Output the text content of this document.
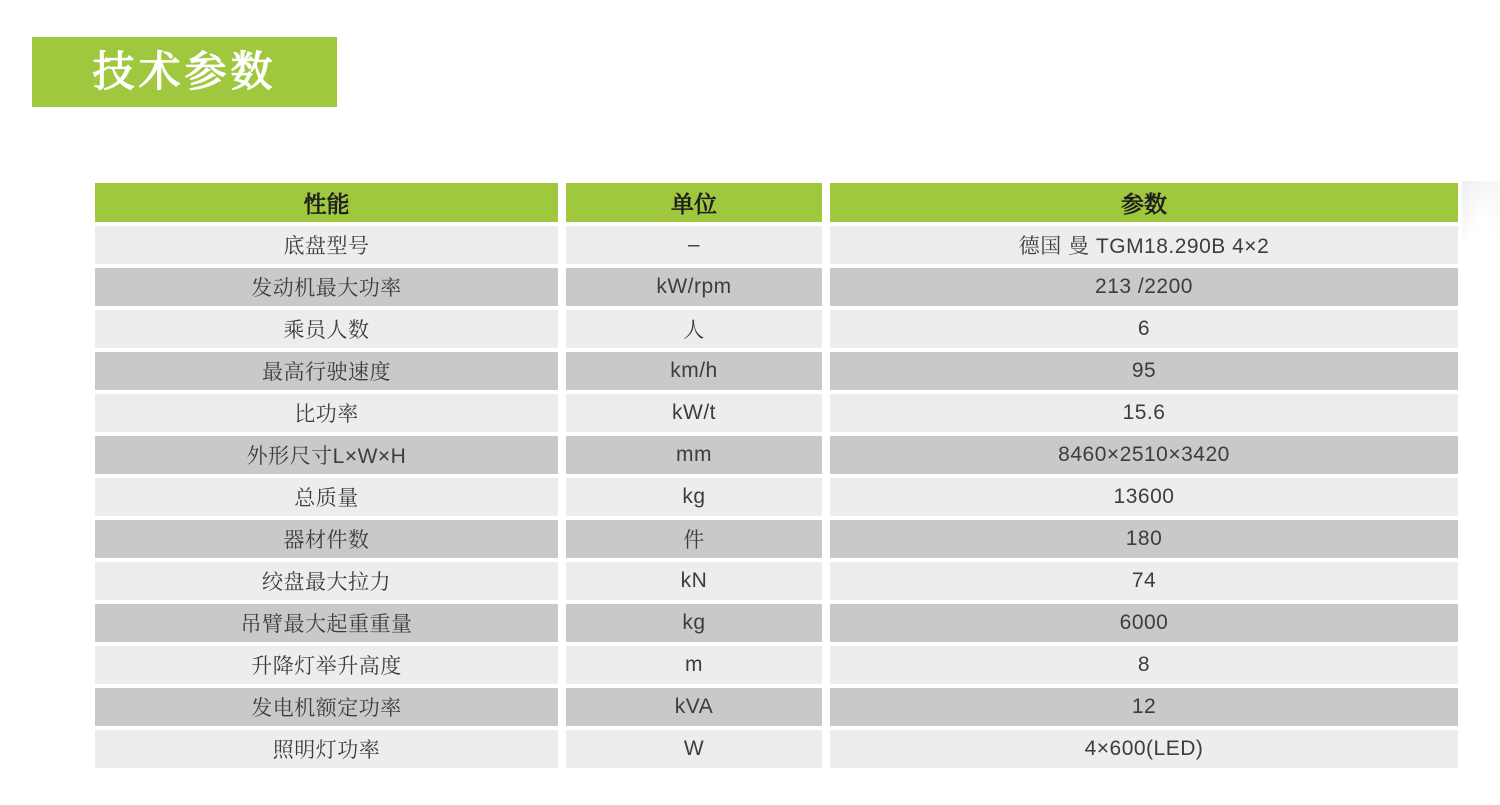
技术参数
性能	单位	参数
底盘型号	–	德国 曼 TGM18.290B 4×2
发动机最大功率	kW/rpm	213 /2200
乘员人数	人	6
最高行驶速度	km/h	95
比功率	kW/t	15.6
外形尺寸L×W×H	mm	8460×2510×3420
总质量	kg	13600
器材件数	件	180
绞盘最大拉力	kN	74
吊臂最大起重重量	kg	6000
升降灯举升高度	m	8
发电机额定功率	kVA	12
照明灯功率	W	4×600(LED)
